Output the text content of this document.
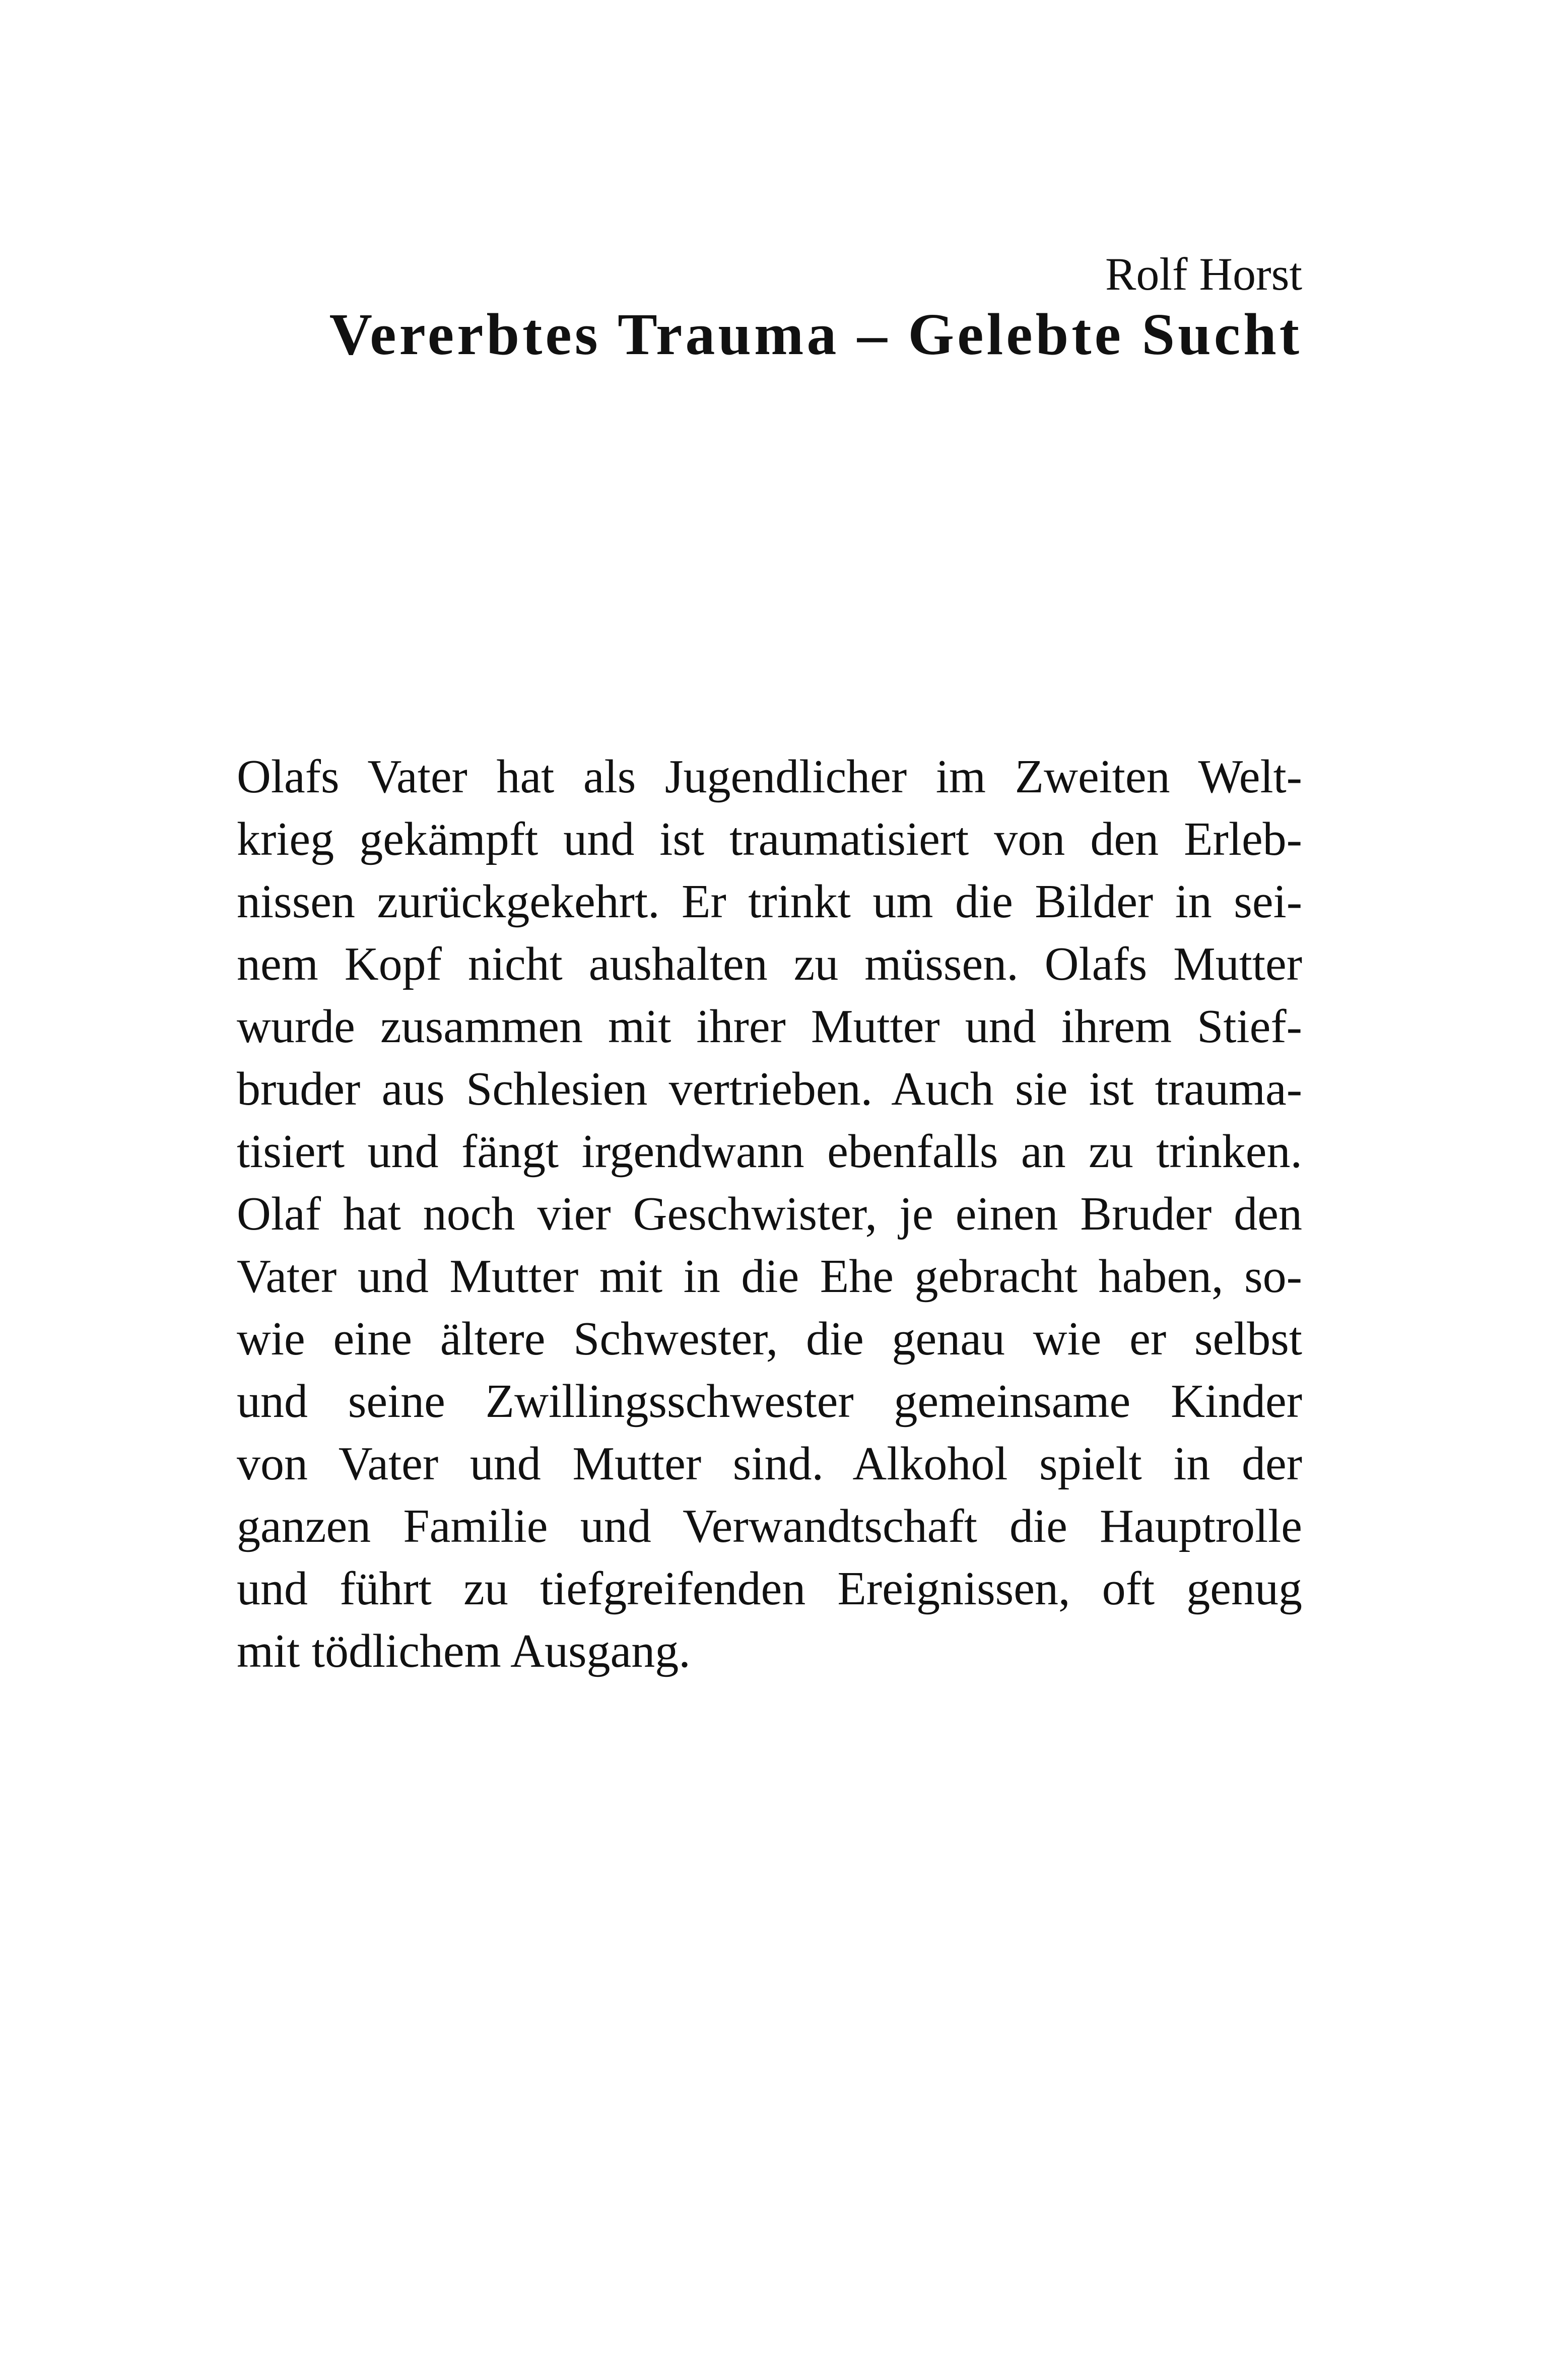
Rolf Horst
Vererbtes Trauma – Gelebte Sucht
Olafs Vater hat als Jugendlicher im Zweiten Welt-
krieg gekämpft und ist traumatisiert von den Erleb-
nissen zurückgekehrt. Er trinkt um die Bilder in sei-
nem Kopf nicht aushalten zu müssen. Olafs Mutter
wurde zusammen mit ihrer Mutter und ihrem Stief-
bruder aus Schlesien vertrieben. Auch sie ist trauma-
tisiert und fängt irgendwann ebenfalls an zu trinken.
Olaf hat noch vier Geschwister, je einen Bruder den
Vater und Mutter mit in die Ehe gebracht haben, so-
wie eine ältere Schwester, die genau wie er selbst
und seine Zwillingsschwester gemeinsame Kinder
von Vater und Mutter sind. Alkohol spielt in der
ganzen Familie und Verwandtschaft die Hauptrolle
und führt zu tiefgreifenden Ereignissen, oft genug
mit tödlichem Ausgang.
